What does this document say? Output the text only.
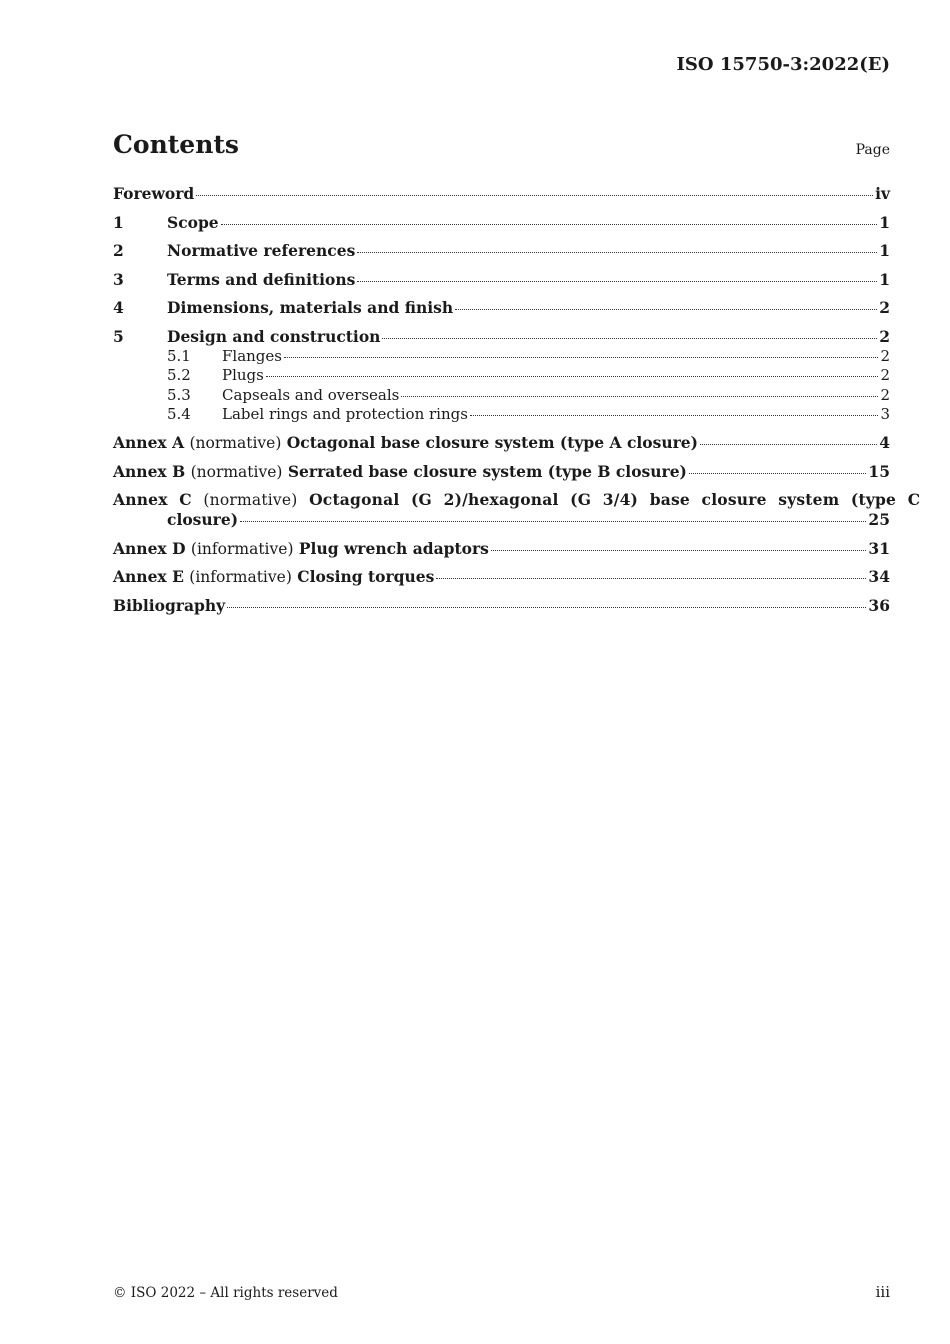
ISO 15750-3:2022(E)
Contents	Page
Foreword	iv
1	Scope	1
2	Normative references	1
3	Terms and definitions	1
4	Dimensions, materials and finish	2
5	Design and construction	2
5.1	Flanges	2
5.2	Plugs	2
5.3	Capseals and overseals	2
5.4	Label rings and protection rings	3
Annex A (normative) Octagonal base closure system (type A closure)	4
Annex B (normative) Serrated base closure system (type B closure)	15
Annex C (normative) Octagonal (G 2)/hexagonal (G 3/4) base closure system (type C
closure)	25
Annex D (informative) Plug wrench adaptors	31
Annex E (informative) Closing torques	34
Bibliography	36
© ISO 2022 – All rights reserved	iii
